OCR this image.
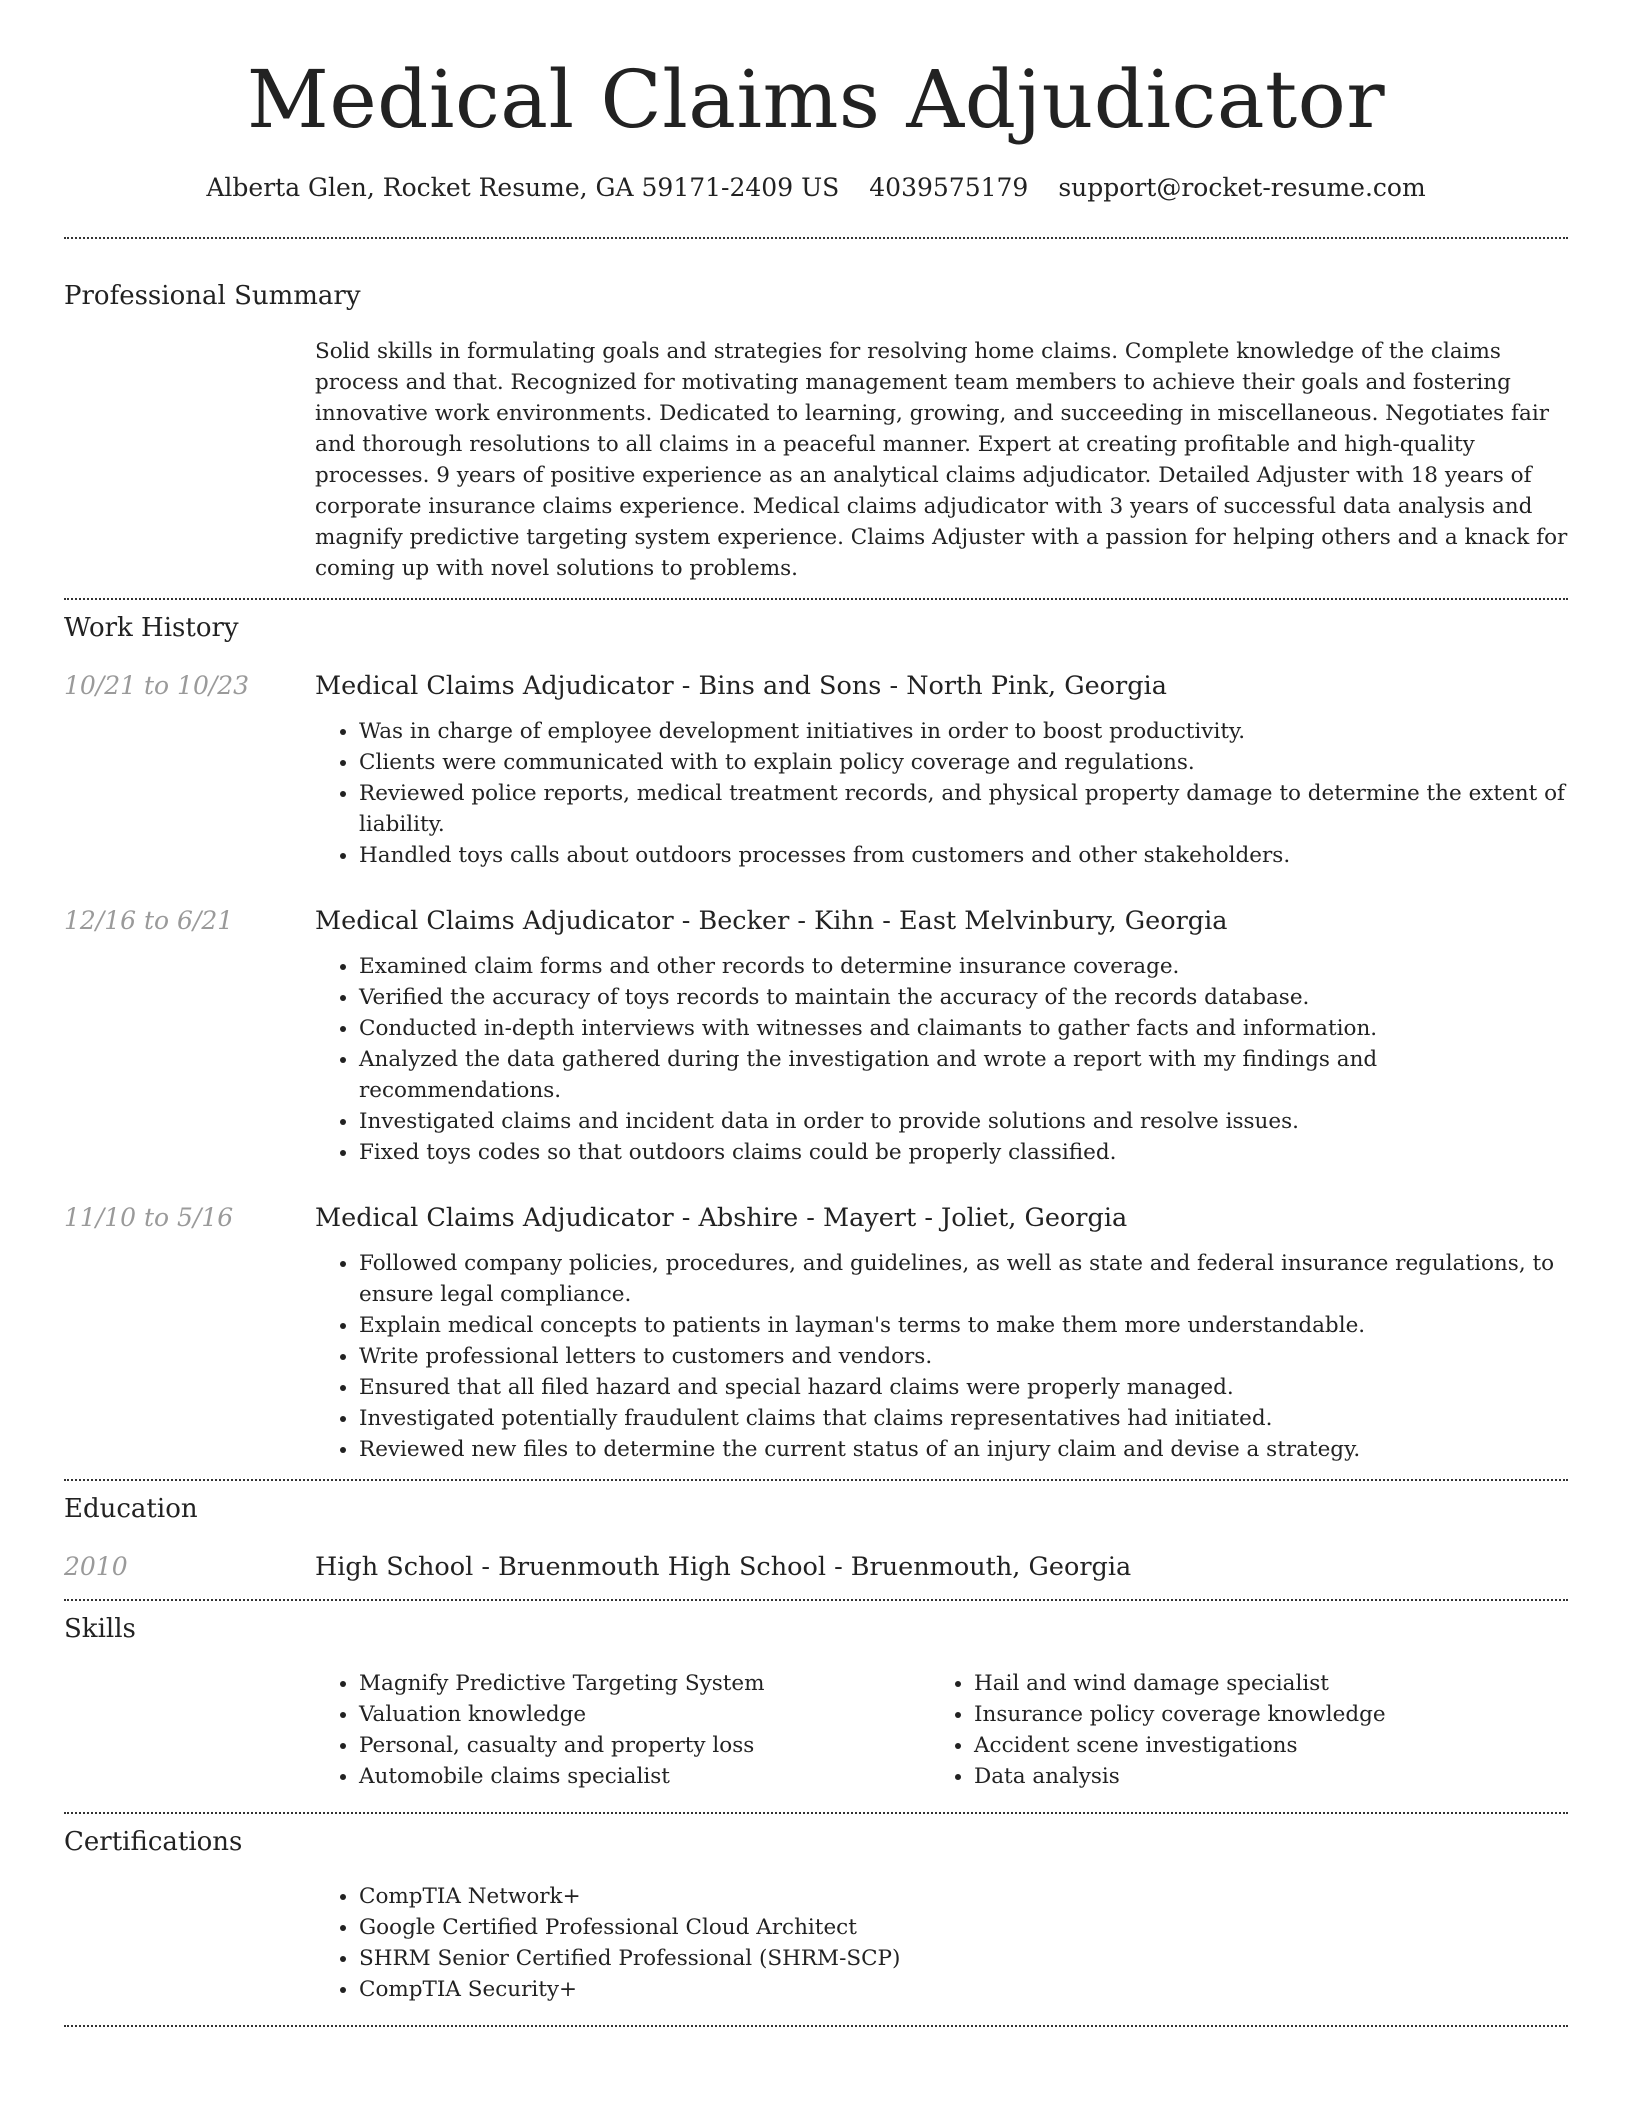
Medical Claims Adjudicator
Alberta Glen, Rocket Resume, GA 59171-2409 US 4039575179 support@rocket-resume.com
Professional Summary

Solid skills in formulating goals and strategies for resolving home claims. Complete knowledge of the claims process and that. Recognized for motivating management team members to achieve their goals and fostering innovative work environments. Dedicated to learning, growing, and succeeding in miscellaneous. Negotiates fair and thorough resolutions to all claims in a peaceful manner. Expert at creating profitable and high-quality processes. 9 years of positive experience as an analytical claims adjudicator. Detailed Adjuster with 18 years of corporate insurance claims experience. Medical claims adjudicator with 3 years of successful data analysis and magnify predictive targeting system experience. Claims Adjuster with a passion for helping others and a knack for coming up with novel solutions to problems.

Work History
10/21 to 10/23	Medical Claims Adjudicator - Bins and Sons - North Pink, Georgia
• Was in charge of employee development initiatives in order to boost productivity.
• Clients were communicated with to explain policy coverage and regulations.
• Reviewed police reports, medical treatment records, and physical property damage to determine the extent of liability.
• Handled toys calls about outdoors processes from customers and other stakeholders.
12/16 to 6/21	Medical Claims Adjudicator - Becker - Kihn - East Melvinbury, Georgia
• Examined claim forms and other records to determine insurance coverage.
• Verified the accuracy of toys records to maintain the accuracy of the records database.
• Conducted in-depth interviews with witnesses and claimants to gather facts and information.
• Analyzed the data gathered during the investigation and wrote a report with my findings and recommendations.
• Investigated claims and incident data in order to provide solutions and resolve issues.
• Fixed toys codes so that outdoors claims could be properly classified.
11/10 to 5/16	Medical Claims Adjudicator - Abshire - Mayert - Joliet, Georgia
• Followed company policies, procedures, and guidelines, as well as state and federal insurance regulations, to ensure legal compliance.
• Explain medical concepts to patients in layman's terms to make them more understandable.
• Write professional letters to customers and vendors.
• Ensured that all filed hazard and special hazard claims were properly managed.
• Investigated potentially fraudulent claims that claims representatives had initiated.
• Reviewed new files to determine the current status of an injury claim and devise a strategy.
Education
2010	High School - Bruenmouth High School - Bruenmouth, Georgia
Skills
• Magnify Predictive Targeting System
• Valuation knowledge
• Personal, casualty and property loss
• Automobile claims specialist
• Hail and wind damage specialist
• Insurance policy coverage knowledge
• Accident scene investigations
• Data analysis
Certifications
• CompTIA Network+
• Google Certified Professional Cloud Architect
• SHRM Senior Certified Professional (SHRM-SCP)
• CompTIA Security+
